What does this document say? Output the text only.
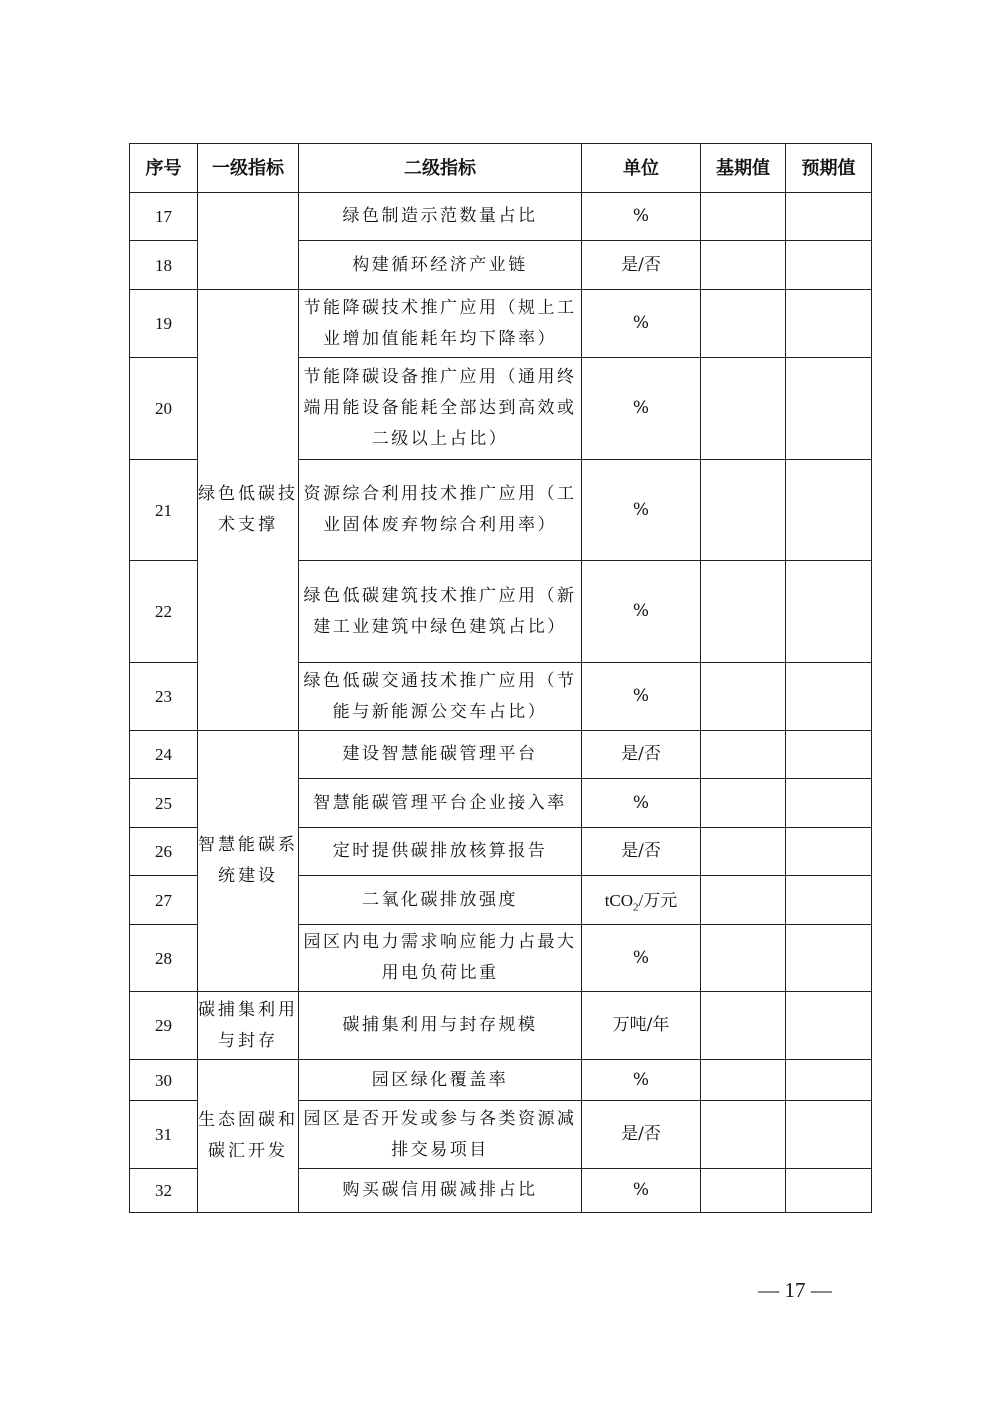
序号	一级指标	二级指标	单位	基期值	预期值
17		绿色制造示范数量占比	%		
18		构建循环经济产业链	是/否		
19	绿色低碳技术支撑	节能降碳技术推广应用（规上工业增加值能耗年均下降率）	%		
20		节能降碳设备推广应用（通用终端用能设备能耗全部达到高效或二级以上占比）	%		
21		资源综合利用技术推广应用（工业固体废弃物综合利用率）	%		
22		绿色低碳建筑技术推广应用（新建工业建筑中绿色建筑占比）	%		
23		绿色低碳交通技术推广应用（节能与新能源公交车占比）	%		
24	智慧能碳系统建设	建设智慧能碳管理平台	是/否		
25		智慧能碳管理平台企业接入率	%		
26		定时提供碳排放核算报告	是/否		
27		二氧化碳排放强度	tCO$_2$/万元		
28		园区内电力需求响应能力占最大用电负荷比重	%		
29	碳捕集利用与封存	碳捕集利用与封存规模	万吨/年		
30	生态固碳和碳汇开发	园区绿化覆盖率	%		
31		园区是否开发或参与各类资源减排交易项目	是/否		
32		购买碳信用碳减排占比	%		
— 17 —
